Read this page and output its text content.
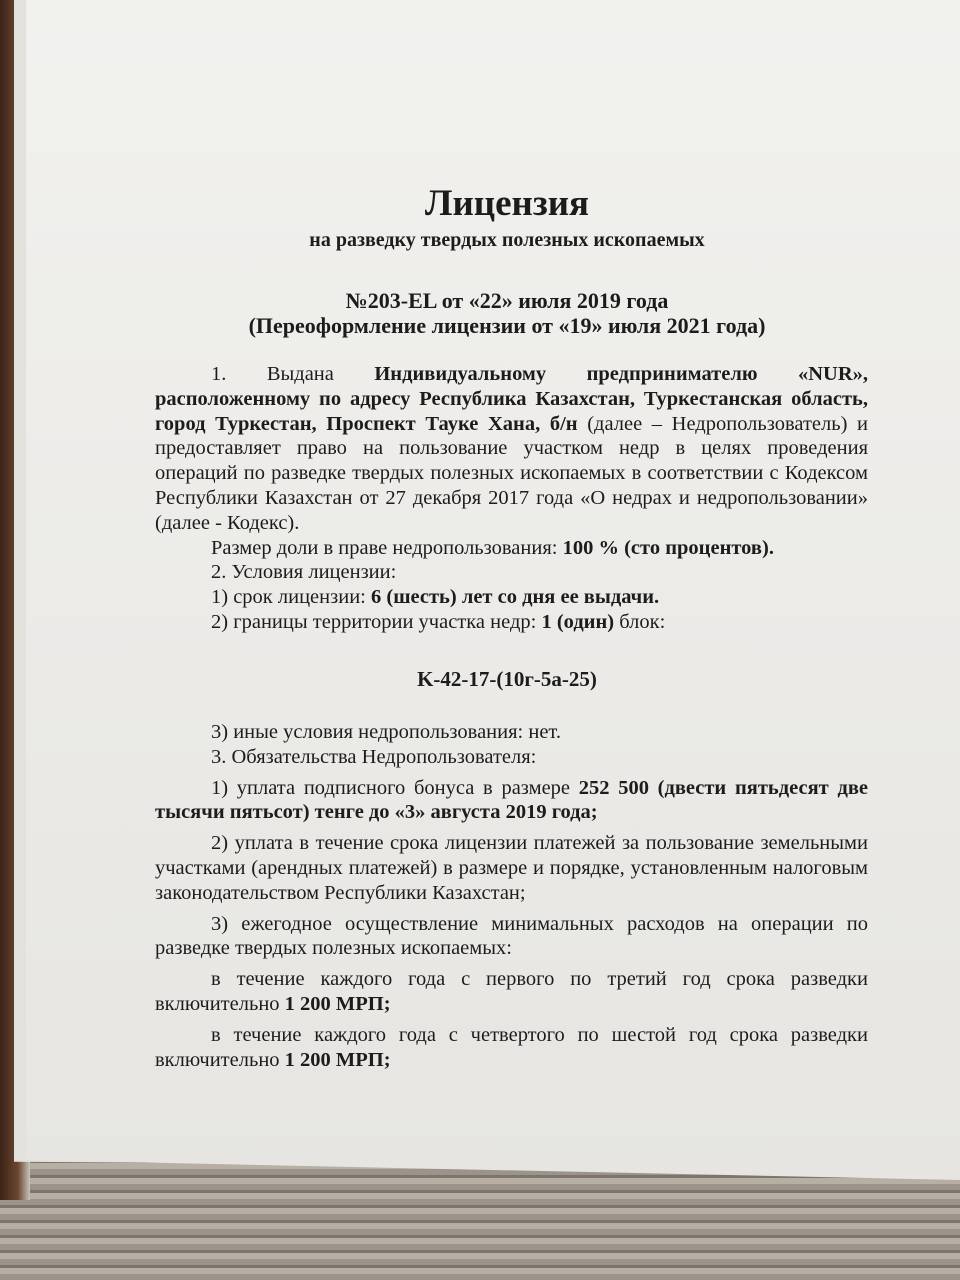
Лицензия
на разведку твердых полезных ископаемых
№203-EL от «22» июля 2019 года
(Переоформление лицензии от «19» июля 2021 года)

1. Выдана Индивидуальному предпринимателю «NUR», расположенному по адресу Республика Казахстан, Туркестанская область, город Туркестан, Проспект Тауке Хана, б/н (далее – Недропользователь) и предоставляет право на пользование участком недр в целях проведения операций по разведке твердых полезных ископаемых в соответствии с Кодексом Республики Казахстан от 27 декабря 2017 года «О недрах и недропользовании» (далее - Кодекс).

Размер доли в праве недропользования: 100 % (сто процентов).

2. Условия лицензии:

1) срок лицензии: 6 (шесть) лет со дня ее выдачи.

2) границы территории участка недр: 1 (один) блок:

K-42-17-(10г-5а-25)

3) иные условия недропользования: нет.

3. Обязательства Недропользователя:

1) уплата подписного бонуса в размере 252 500 (двести пятьдесят две тысячи пятьсот) тенге до «3» августа 2019 года;

2) уплата в течение срока лицензии платежей за пользование земельными участками (арендных платежей) в размере и порядке, установленным налоговым законодательством Республики Казахстан;

3) ежегодное осуществление минимальных расходов на операции по разведке твердых полезных ископаемых:

в течение каждого года с первого по третий год срока разведки включительно 1 200 МРП;

в течение каждого года с четвертого по шестой год срока разведки включительно 1 200 МРП;
